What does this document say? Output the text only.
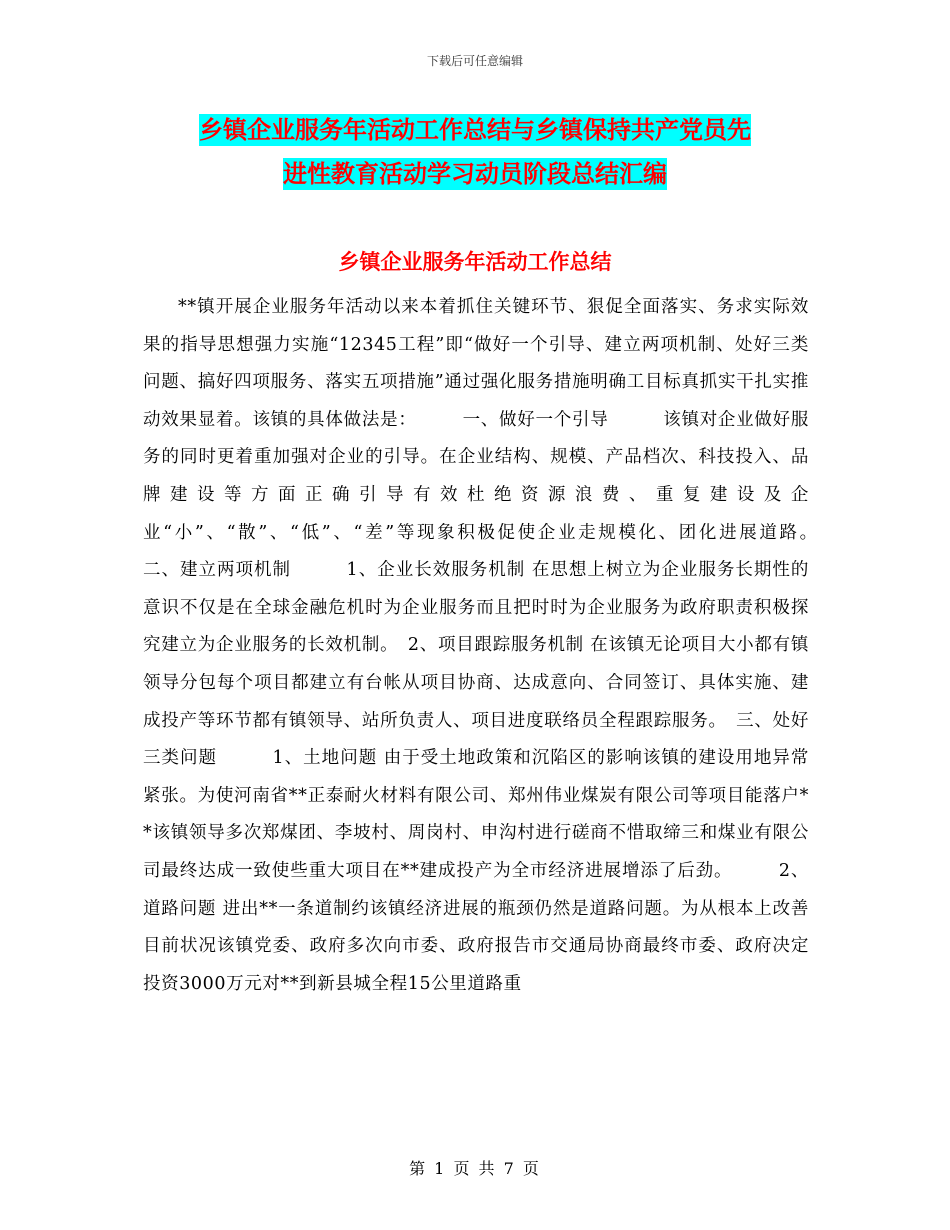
下载后可任意编辑
乡镇企业服务年活动工作总结与乡镇保持共产党员先
进性教育活动学习动员阶段总结汇编
乡镇企业服务年活动工作总结

**镇开展企业服务年活动以来本着抓住关键环节、狠促全面落实、务求实际效果的指导思想强力实施“12345工程”即“做好一个引导、建立两项机制、处好三类问题、搞好四项服务、落实五项措施”通过强化服务措施明确工目标真抓实干扎实推动效果显着。该镇的具体做法是：　　　一、做好一个引导　　　该镇对企业做好服务的同时更着重加强对企业的引导。在企业结构、规模、产品档次、科技投入、品牌建设等方面正确引导有效杜绝资源浪费、重复建设及企业“小”、“散”、“低”、“差”等现象积极促使企业走规模化、团化进展道路。　　　二、建立两项机制　　　1、企业长效服务机制 在思想上树立为企业服务长期性的意识不仅是在全球金融危机时为企业服务而且把时时为企业服务为政府职责积极探究建立为企业服务的长效机制。　2、项目跟踪服务机制 在该镇无论项目大小都有镇领导分包每个项目都建立有台帐从项目协商、达成意向、合同签订、具体实施、建成投产等环节都有镇领导、站所负责人、项目进度联络员全程跟踪服务。　三、处好三类问题　　　1、土地问题 由于受土地政策和沉陷区的影响该镇的建设用地异常紧张。为使河南省**正泰耐火材料有限公司、郑州伟业煤炭有限公司等项目能落户**该镇领导多次郑煤团、李坡村、周岗村、申沟村进行磋商不惜取缔三和煤业有限公司最终达成一致使些重大项目在**建成投产为全市经济进展增添了后劲。　　　2、道路问题 进出**一条道制约该镇经济进展的瓶颈仍然是道路问题。为从根本上改善目前状况该镇党委、政府多次向市委、政府报告市交通局协商最终市委、政府决定投资3000万元对**到新县城全程15公里道路重

第 1 页 共 7 页
